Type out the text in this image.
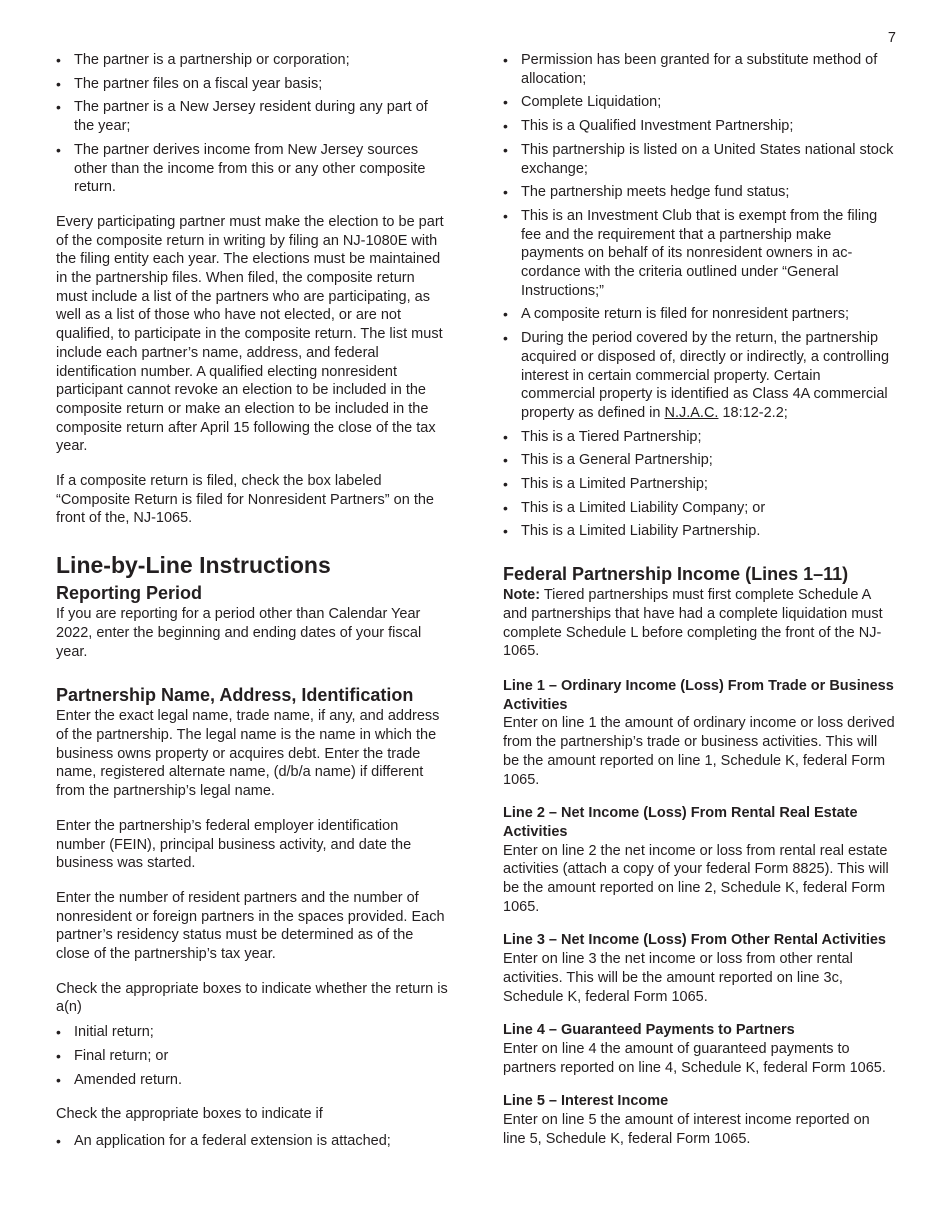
7
• The partner is a partnership or corporation;
• The partner files on a fiscal year basis;
• The partner is a New Jersey resident during any part of the year;
• The partner derives income from New Jersey sources other than the income from this or any other composite return.

Every participating partner must make the election to be part of the composite return in writing by filing an NJ-1080E with the filing entity each year. The elections must be maintained in the partnership files. When filed, the composite return must include a list of the partners who are participating, as well as a list of those who have not elected, or are not qualified, to participate in the composite return. The list must include each partner’s name, address, and federal identification number. A qualified electing nonresident participant cannot revoke an election to be included in the composite return or make an election to be included in the composite return after April 15 following the close of the tax year.

If a composite return is filed, check the box labeled “Composite Return is filed for Nonresident Partners” on the front of the, NJ-1065.

Line-by-Line Instructions
Reporting Period

If you are reporting for a period other than Calendar Year 2022, enter the beginning and ending dates of your fiscal year.

Partnership Name, Address, Identification

Enter the exact legal name, trade name, if any, and address of the partnership. The legal name is the name in which the business owns property or acquires debt. Enter the trade name, registered alternate name, (d/b/a name) if different from the partnership’s legal name.

Enter the partnership’s federal employer identification number (FEIN), principal business activity, and date the business was started.

Enter the number of resident partners and the number of nonresident or foreign partners in the spaces provided. Each partner’s residency status must be determined as of the close of the partnership’s tax year.

Check the appropriate boxes to indicate whether the return is a(n)

• Initial return;
• Final return; or
• Amended return.

Check the appropriate boxes to indicate if

• An application for a federal extension is attached;
• Permission has been granted for a substitute method of allocation;
• Complete Liquidation;
• This is a Qualified Investment Partnership;
• This partnership is listed on a United States national stock exchange;
• The partnership meets hedge fund status;
• This is an Investment Club that is exempt from the filing fee and the requirement that a partnership make payments on behalf of its nonresident owners in accordance with the criteria outlined under “General Instructions;”
• A composite return is filed for nonresident partners;
• During the period covered by the return, the partnership acquired or disposed of, directly or indirectly, a controlling interest in certain commercial property. Certain commercial property is identified as Class 4A commercial property as defined in N.J.A.C. 18:12-2.2;
• This is a Tiered Partnership;
• This is a General Partnership;
• This is a Limited Partnership;
• This is a Limited Liability Company; or
• This is a Limited Liability Partnership.
Federal Partnership Income (Lines 1–11)

Note: Tiered partnerships must first complete Schedule A and partnerships that have had a complete liquidation must complete Schedule L before completing the front of the NJ-1065.

Line 1 – Ordinary Income (Loss) From Trade or Business Activities

Enter on line 1 the amount of ordinary income or loss derived from the partnership’s trade or business activities. This will be the amount reported on line 1, Schedule K, federal Form 1065.

Line 2 – Net Income (Loss) From Rental Real Estate Activities

Enter on line 2 the net income or loss from rental real estate activities (attach a copy of your federal Form 8825). This will be the amount reported on line 2, Schedule K, federal Form 1065.

Line 3 – Net Income (Loss) From Other Rental Activities

Enter on line 3 the net income or loss from other rental activities. This will be the amount reported on line 3c, Schedule K, federal Form 1065.

Line 4 – Guaranteed Payments to Partners

Enter on line 4 the amount of guaranteed payments to partners reported on line 4, Schedule K, federal Form 1065.

Line 5 – Interest Income

Enter on line 5 the amount of interest income reported on line 5, Schedule K, federal Form 1065.
